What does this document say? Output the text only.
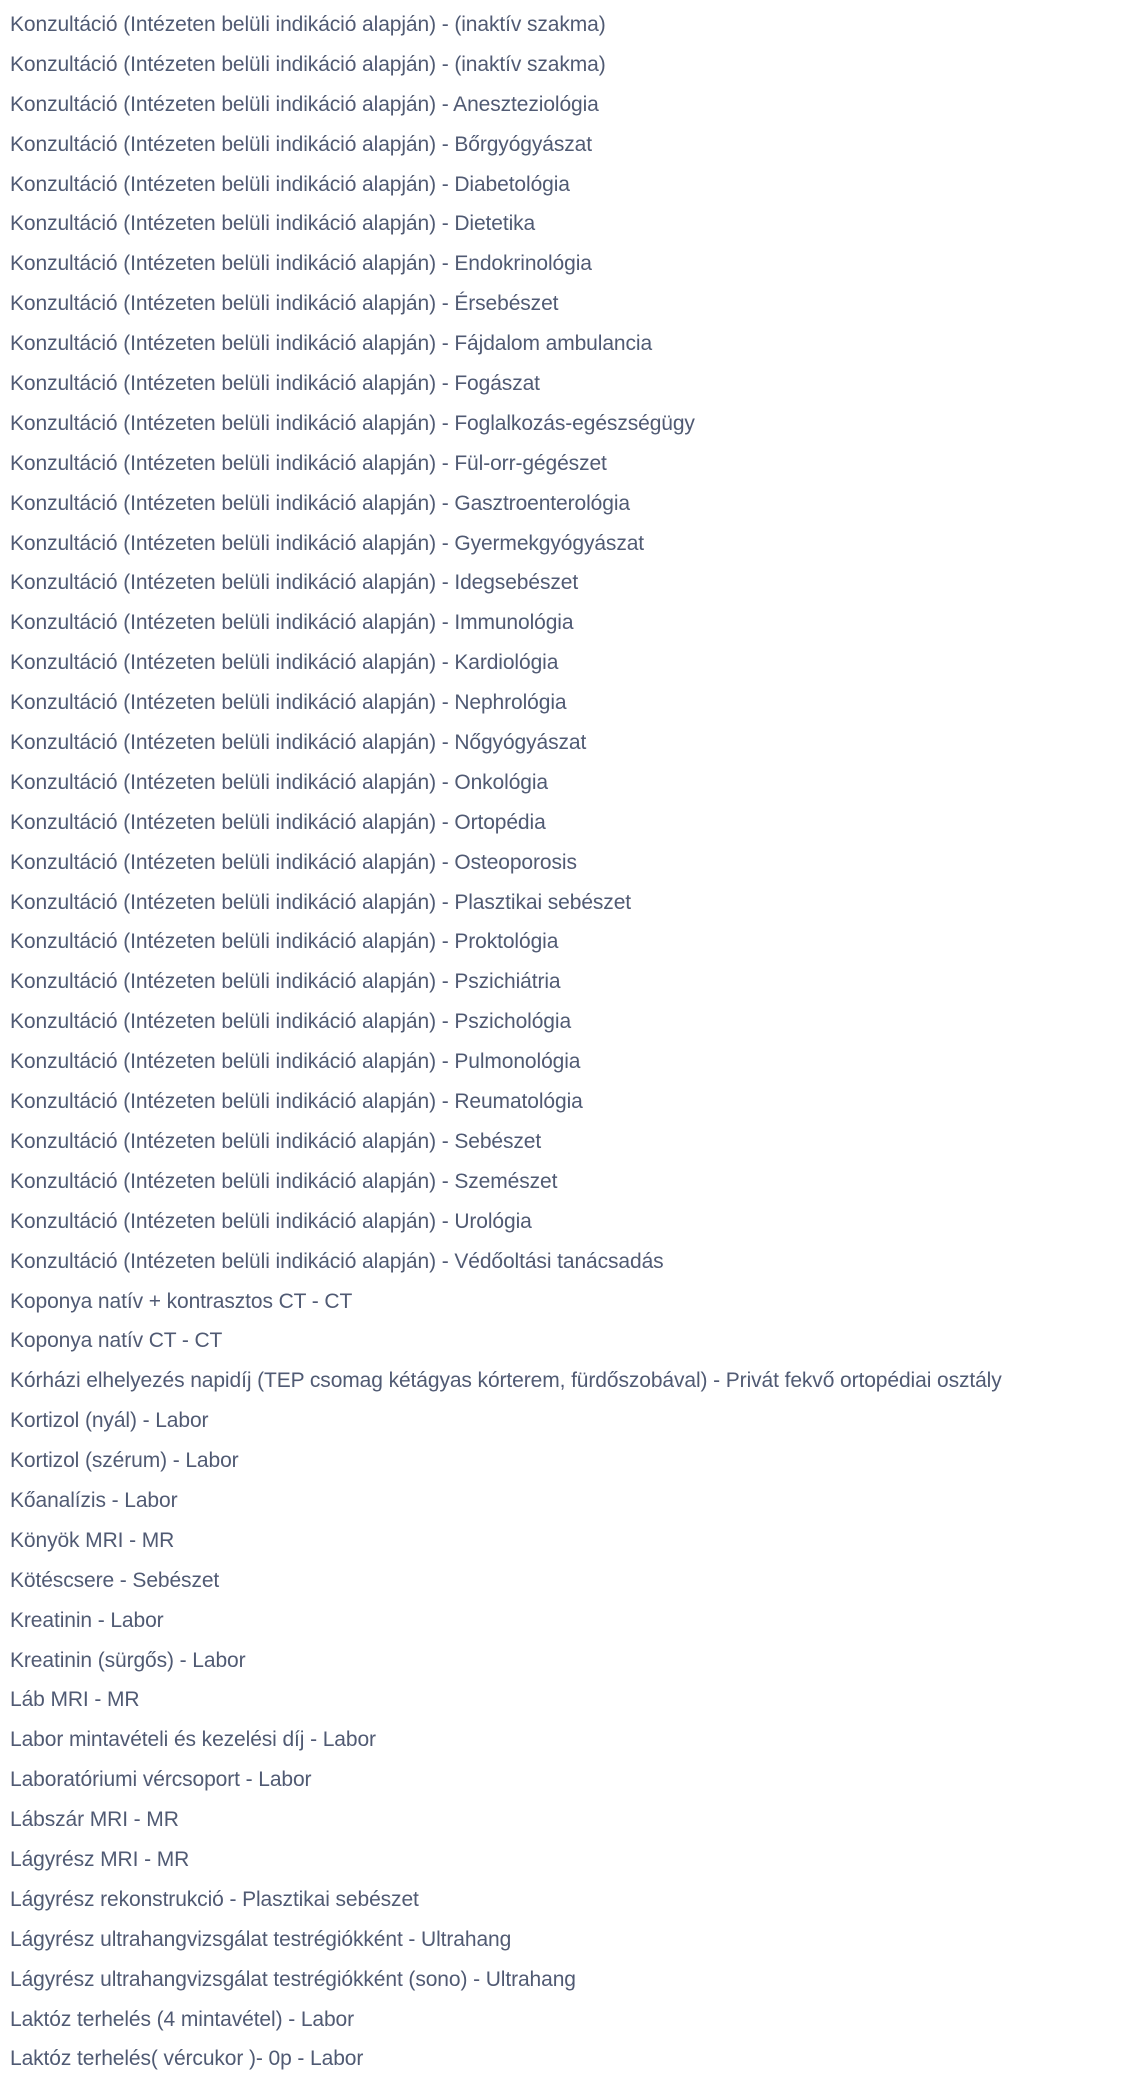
Konzultáció (Intézeten belüli indikáció alapján) - (inaktív szakma)
Konzultáció (Intézeten belüli indikáció alapján) - (inaktív szakma)
Konzultáció (Intézeten belüli indikáció alapján) - Aneszteziológia
Konzultáció (Intézeten belüli indikáció alapján) - Bőrgyógyászat
Konzultáció (Intézeten belüli indikáció alapján) - Diabetológia
Konzultáció (Intézeten belüli indikáció alapján) - Dietetika
Konzultáció (Intézeten belüli indikáció alapján) - Endokrinológia
Konzultáció (Intézeten belüli indikáció alapján) - Érsebészet
Konzultáció (Intézeten belüli indikáció alapján) - Fájdalom ambulancia
Konzultáció (Intézeten belüli indikáció alapján) - Fogászat
Konzultáció (Intézeten belüli indikáció alapján) - Foglalkozás-egészségügy
Konzultáció (Intézeten belüli indikáció alapján) - Fül-orr-gégészet
Konzultáció (Intézeten belüli indikáció alapján) - Gasztroenterológia
Konzultáció (Intézeten belüli indikáció alapján) - Gyermekgyógyászat
Konzultáció (Intézeten belüli indikáció alapján) - Idegsebészet
Konzultáció (Intézeten belüli indikáció alapján) - Immunológia
Konzultáció (Intézeten belüli indikáció alapján) - Kardiológia
Konzultáció (Intézeten belüli indikáció alapján) - Nephrológia
Konzultáció (Intézeten belüli indikáció alapján) - Nőgyógyászat
Konzultáció (Intézeten belüli indikáció alapján) - Onkológia
Konzultáció (Intézeten belüli indikáció alapján) - Ortopédia
Konzultáció (Intézeten belüli indikáció alapján) - Osteoporosis
Konzultáció (Intézeten belüli indikáció alapján) - Plasztikai sebészet
Konzultáció (Intézeten belüli indikáció alapján) - Proktológia
Konzultáció (Intézeten belüli indikáció alapján) - Pszichiátria
Konzultáció (Intézeten belüli indikáció alapján) - Pszichológia
Konzultáció (Intézeten belüli indikáció alapján) - Pulmonológia
Konzultáció (Intézeten belüli indikáció alapján) - Reumatológia
Konzultáció (Intézeten belüli indikáció alapján) - Sebészet
Konzultáció (Intézeten belüli indikáció alapján) - Szemészet
Konzultáció (Intézeten belüli indikáció alapján) - Urológia
Konzultáció (Intézeten belüli indikáció alapján) - Védőoltási tanácsadás
Koponya natív + kontrasztos CT - CT
Koponya natív CT - CT
Kórházi elhelyezés napidíj (TEP csomag kétágyas kórterem, fürdőszobával) - Privát fekvő ortopédiai osztály
Kortizol (nyál) - Labor
Kortizol (szérum) - Labor
Kőanalízis - Labor
Könyök MRI - MR
Kötéscsere - Sebészet
Kreatinin - Labor
Kreatinin (sürgős) - Labor
Láb MRI - MR
Labor mintavételi és kezelési díj - Labor
Laboratóriumi vércsoport - Labor
Lábszár MRI - MR
Lágyrész MRI - MR
Lágyrész rekonstrukció - Plasztikai sebészet
Lágyrész ultrahangvizsgálat testrégiókként - Ultrahang
Lágyrész ultrahangvizsgálat testrégiókként (sono) - Ultrahang
Laktóz terhelés (4 mintavétel) - Labor
Laktóz terhelés( vércukor )- 0p - Labor
